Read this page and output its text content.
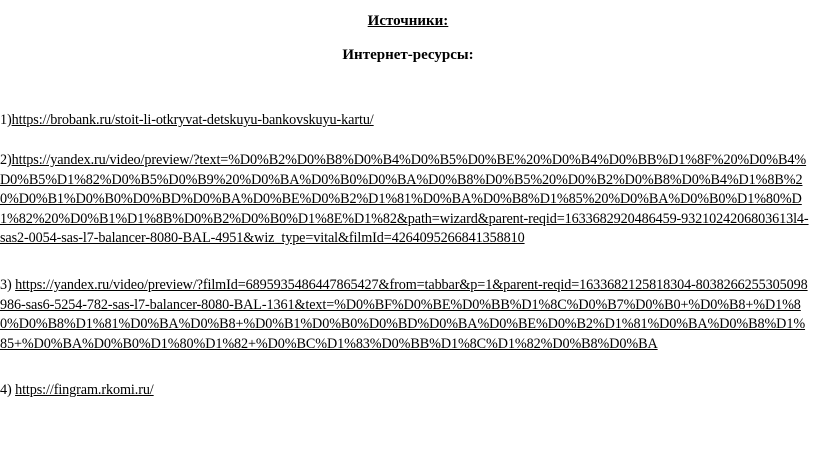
Источники:
Интернет-ресурсы:
1)https://brobank.ru/stoit-li-otkryvat-detskuyu-bankovskuyu-kartu/
2)https://yandex.ru/video/preview/?text=%D0%B2%D0%B8%D0%B4%D0%B5%D0%BE%20%D0%B4%D0%BB%D1%8F%20%D0%B4%D0%B5%D1%82%D0%B5%D0%B9%20%D0%BA%D0%B0%D0%BA%D0%B8%D0%B5%20%D0%B2%D0%B8%D0%B4%D1%8B%20%D0%B1%D0%B0%D0%BD%D0%BA%D0%BE%D0%B2%D1%81%D0%BA%D0%B8%D1%85%20%D0%BA%D0%B0%D1%80%D1%82%20%D0%B1%D1%8B%D0%B2%D0%B0%D1%8E%D1%82&path=wizard&parent-reqid=1633682920486459-9321024206803613l4-sas2-0054-sas-l7-balancer-8080-BAL-4951&wiz_type=vital&filmId=4264095266841358810
3) https://yandex.ru/video/preview/?filmId=6895935486447865427&from=tabbar&p=1&parent-reqid=1633682125818304-8038266255305098986-sas6-5254-782-sas-l7-balancer-8080-BAL-1361&text=%D0%BF%D0%BE%D0%BB%D1%8C%D0%B7%D0%B0+%D0%B8+%D1%80%D0%B8%D1%81%D0%BA%D0%B8+%D0%B1%D0%B0%D0%BD%D0%BA%D0%BE%D0%B2%D1%81%D0%BA%D0%B8%D1%85+%D0%BA%D0%B0%D1%80%D1%82+%D0%BC%D1%83%D0%BB%D1%8C%D1%82%D0%B8%D0%BA
4) https://fingram.rkomi.ru/
